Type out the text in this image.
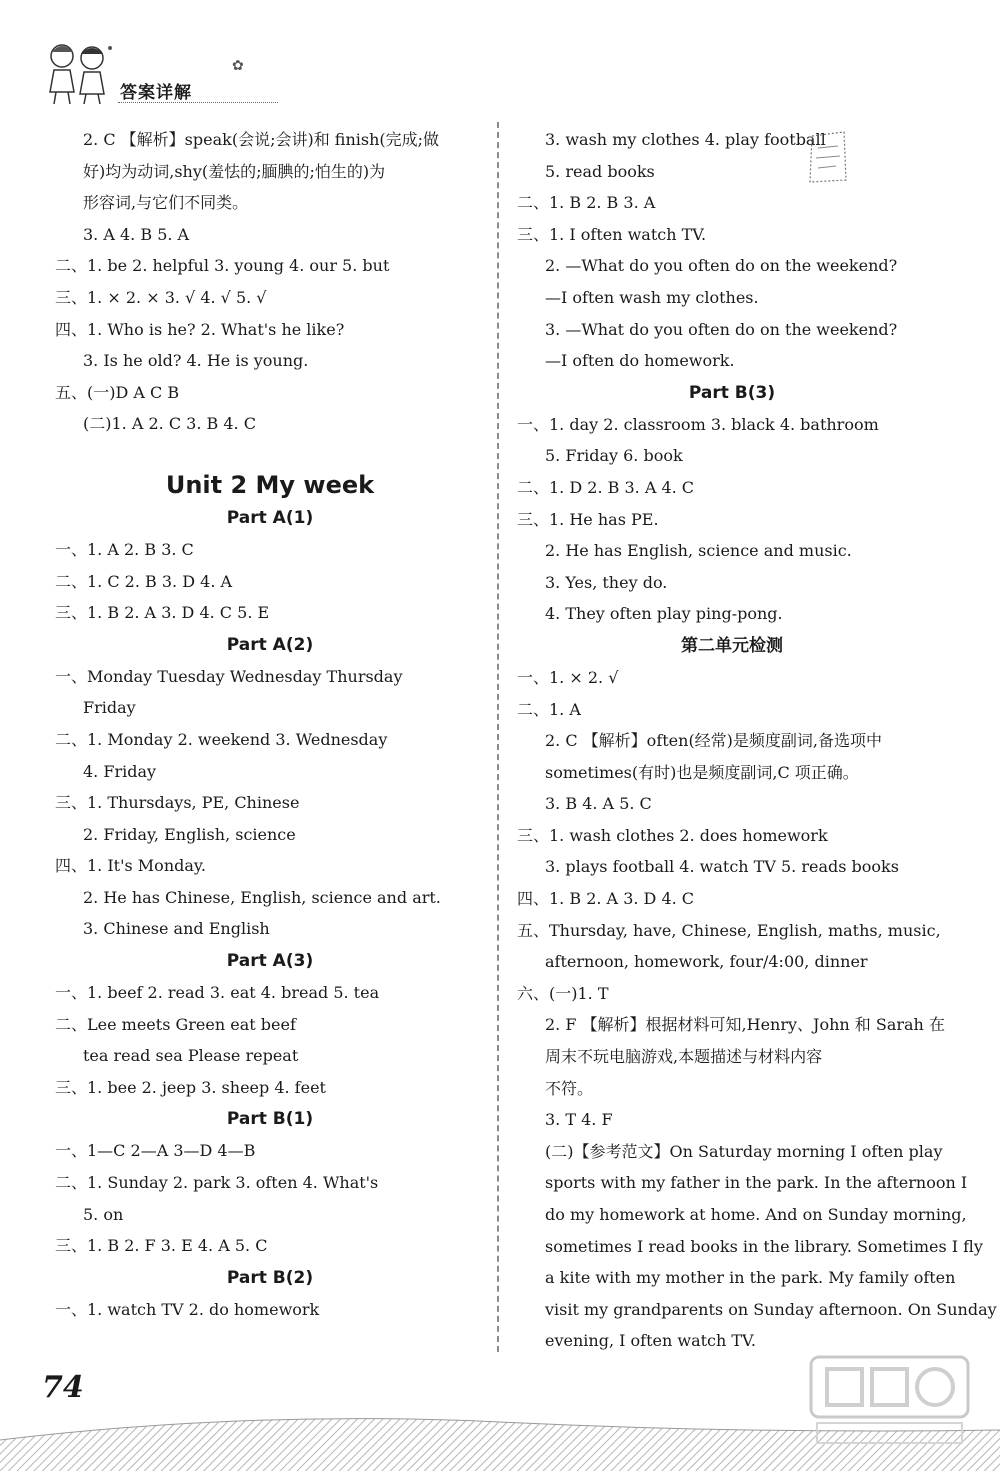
答案详解
✿
2. C 【解析】speak(会说;会讲)和 finish(完成;做
好)均为动词,shy(羞怯的;腼腆的;怕生的)为
形容词,与它们不同类。
3. A 4. B 5. A
二、1. be 2. helpful 3. young 4. our 5. but
三、1. × 2. × 3. √ 4. √ 5. √
四、1. Who is he? 2. What's he like?
3. Is he old? 4. He is young.
五、(一)D A C B
(二)1. A 2. C 3. B 4. C
Unit 2 My week
Part A(1)
一、1. A 2. B 3. C
二、1. C 2. B 3. D 4. A
三、1. B 2. A 3. D 4. C 5. E
Part A(2)
一、Monday Tuesday Wednesday Thursday
Friday
二、1. Monday 2. weekend 3. Wednesday
4. Friday
三、1. Thursdays, PE, Chinese
2. Friday, English, science
四、1. It's Monday.
2. He has Chinese, English, science and art.
3. Chinese and English
Part A(3)
一、1. beef 2. read 3. eat 4. bread 5. tea
二、Lee meets Green eat beef
tea read sea Please repeat
三、1. bee 2. jeep 3. sheep 4. feet
Part B(1)
一、1—C 2—A 3—D 4—B
二、1. Sunday 2. park 3. often 4. What's
5. on
三、1. B 2. F 3. E 4. A 5. C
Part B(2)
一、1. watch TV 2. do homework
3. wash my clothes 4. play football
5. read books
二、1. B 2. B 3. A
三、1. I often watch TV.
2. —What do you often do on the weekend?
—I often wash my clothes.
3. —What do you often do on the weekend?
—I often do homework.
Part B(3)
一、1. day 2. classroom 3. black 4. bathroom
5. Friday 6. book
二、1. D 2. B 3. A 4. C
三、1. He has PE.
2. He has English, science and music.
3. Yes, they do.
4. They often play ping-pong.
第二单元检测
一、1. × 2. √
二、1. A
2. C 【解析】often(经常)是频度副词,备选项中
sometimes(有时)也是频度副词,C 项正确。
3. B 4. A 5. C
三、1. wash clothes 2. does homework
3. plays football 4. watch TV 5. reads books
四、1. B 2. A 3. D 4. C
五、Thursday, have, Chinese, English, maths, music,
afternoon, homework, four/4:00, dinner
六、(一)1. T
2. F 【解析】根据材料可知,Henry、John 和 Sarah 在
周末不玩电脑游戏,本题描述与材料内容
不符。
3. T 4. F
(二)【参考范文】On Saturday morning I often play
sports with my father in the park. In the afternoon I
do my homework at home. And on Sunday morning,
sometimes I read books in the library. Sometimes I fly
a kite with my mother in the park. My family often
visit my grandparents on Sunday afternoon. On Sunday
evening, I often watch TV.
74
